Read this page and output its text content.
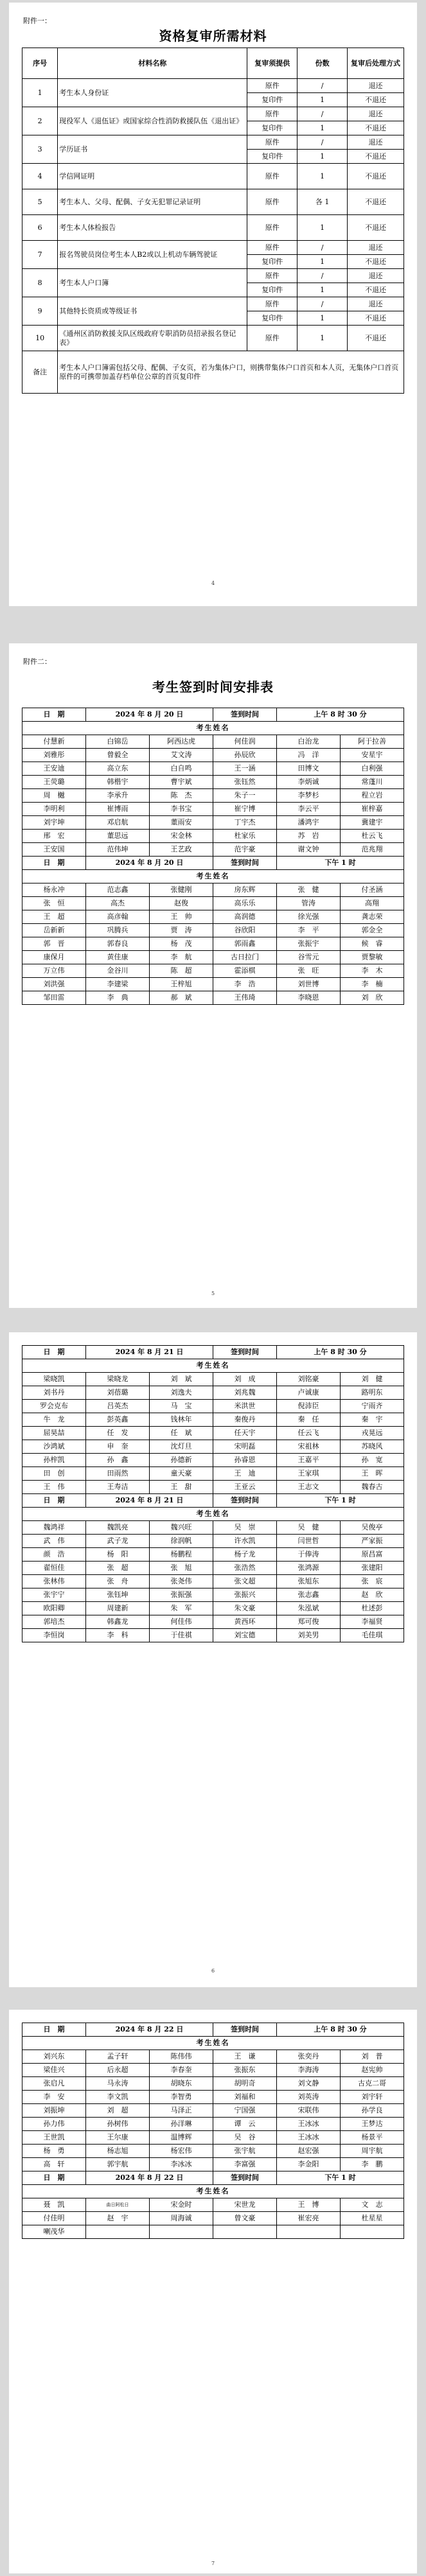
附件一：
资格复审所需材料
序号	材料名称	复审须提供	份数	复审后处理方式
1	考生本人身份证	原件	/	退还
		复印件	1	不退还
2	现役军人《退伍证》或国家综合性消防救援队伍《退出证》	原件	/	退还
		复印件	1	不退还
3	学历证书	原件	/	退还
		复印件	1	不退还
4	学信网证明	原件	1	不退还
5	考生本人、父母、配偶、子女无犯罪记录证明	原件	各 1	不退还
6	考生本人体检报告	原件	1	不退还
7	报名驾驶员岗位考生本人B2或以上机动车辆驾驶证	原件	/	退还
		复印件	1	不退还
8	考生本人户口簿	原件	/	退还
		复印件	1	不退还
9	其他特长资质或等级证书	原件	/	退还
		复印件	1	不退还
10	《通州区消防救援支队区级政府专职消防员招录报名登记表》	原件	1	不退还
备注	考生本人户口簿需包括父母、配偶、子女页，若为集体户口，则携带集体户口首页和本人页，无集体户口首页原件的可携带加盖存档单位公章的首页复印件			
4
附件二：
考生签到时间安排表
日　期	2024 年 8 月 20 日		签到时间	上午 8 时 30 分	
考生姓名					
付慧新	白锦岳	阿西达虎	何佳润	白治龙	阿于拉善
刘雅彤	曾毅全	艾文涛	孙辰欣	冯　洋	安星宇
王安迪	高立东	白自鸣	王一涵	田博文	白利强
王荧璐	韩楷宇	曹宇斌	张钰然	李炳诚	常蓬川
周　樾	李承升	陈　杰	朱子一	李梦杉	程立岩
李明利	崔博雨	李书宝	崔宁博	李云平	崔梓嘉
刘宇坤	邓启航	董雨安	丁宇杰	潘鸿宇	冀建宇
邢　宏	董思远	宋金林	杜家乐	苏　岩	杜云飞
王安国	范伟坤	王艺政	范宇豪	谢文钟	范兆翔
日　期	2024 年 8 月 20 日		签到时间	下午 1 时	
考生姓名					
杨永冲	范志鑫	张健刚	房东辉	张　健	付圣涵
张　恒	高杰	赵俊	高乐乐	管涛	高翔
王　超	高彦翰	王　帅	高润德	徐光强	龚志荣
岳新新	巩腾兵	贾　涛	谷欣阳	李　平	郭金全
郭　晋	郭春良	杨　茂	郭雨鑫	张振宇	候　睿
康保月	黄佳康	李　航	古日拉门	谷雪元	贾黎敏
万立伟	金谷川	陈　超	霍添棋	张　旺	李　木
刘洪强	李建梁	王梓旭	李　浩	刘世博	李　楠
邹田雷	李　典	郝　斌	王伟琦	李晓恩	刘　欣
5
日　期	2024 年 8 月 21 日		签到时间	上午 8 时 30 分	
考生姓名					
梁晓凯	梁晓龙	刘　斌	刘　成	刘铭豪	刘　健
刘书丹	刘蓓璐	刘逸夫	刘兆魏	卢诚康	路明东
罗会克布	吕英杰	马　宝	米洪世	倪沛臣	宁雨齐
牛　龙	彭英鑫	钱林年	秦俊丹	秦　任	秦　宇
屈昊喆	任　发	任　斌	任天宇	任云飞	戎晃远
沙鸿斌	申　奎	沈灯旦	宋明磊	宋祖林	苏晓风
孙梓凯	孙　鑫	孙德新	孙睿恩	王嘉平	孙　宽
田　创	田雨然	童天豪	王　迪	王家琪	王　晖
王　伟	王寿洁	王　甜	王亚云	王志文	魏春古
日　期	2024 年 8 月 21 日		签到时间	下午 1 时	
考生姓名					
魏鸿祥	魏凯亮	魏兴旺	吴　崇	吴　健	吴俊亭
武　伟	武子龙	徐润帆	许水凯	闫世哲	严家振
颜　浩	杨　阳	杨鹏程	杨子龙	于俸涛	原昌富
翟恒佳	张　超	张　旭	张浩然	张鸿源	张建阳
张林伟	张　舟	张尧伟	张文超	张旭东	张　宸
张宇宁	张钰坤	张振强	张振兴	张志鑫	赵　欣
欧阳卿	周建新	朱　军	朱文豪	朱泓斌	杜述彭
郭培杰	韩鑫龙	何佳伟	黄西环	郑可俊	李福贤
李恒岗	李　科	于佳祺	刘宝德	刘美男	毛佳琪
6
日　期	2024 年 8 月 22 日		签到时间	上午 8 时 30 分	
考生姓名					
刘兴东	孟子轩	陈伟伟	王　谦	张奕丹	刘　普
梁佳兴	后永超	李春奎	张振东	李海涛	赵宪帅
张启凡	马永涛	胡晓东	胡明奇	刘文静	古克二哥
李　安	李文凯	李智勇	刘福和	刘英涛	刘宇轩
刘振坤	刘　超	马泽正	宁国强	宋联伟	孙学良
孙力伟	孙树伟	孙洋琳	谭　云	王冰冰	王梦达
王世凯	王尔康	温博辉	吴　谷	王冰冰	杨景平
杨　勇	杨志旭	杨宏伟	张宇航	赵宏强	周宇航
高　轩	郭宇航	李冰冰	李富强	李金阳	李　鹏
日　期	2024 年 8 月 22 日		签到时间	下午 1 时	
考生姓名					
聂　凯	曲日阿松日	宋金时	宋世龙	王　博	文　志
付佳明	赵　宇	周海诚	曾文豪	崔宏亮	杜星星
喇茂华					
7
